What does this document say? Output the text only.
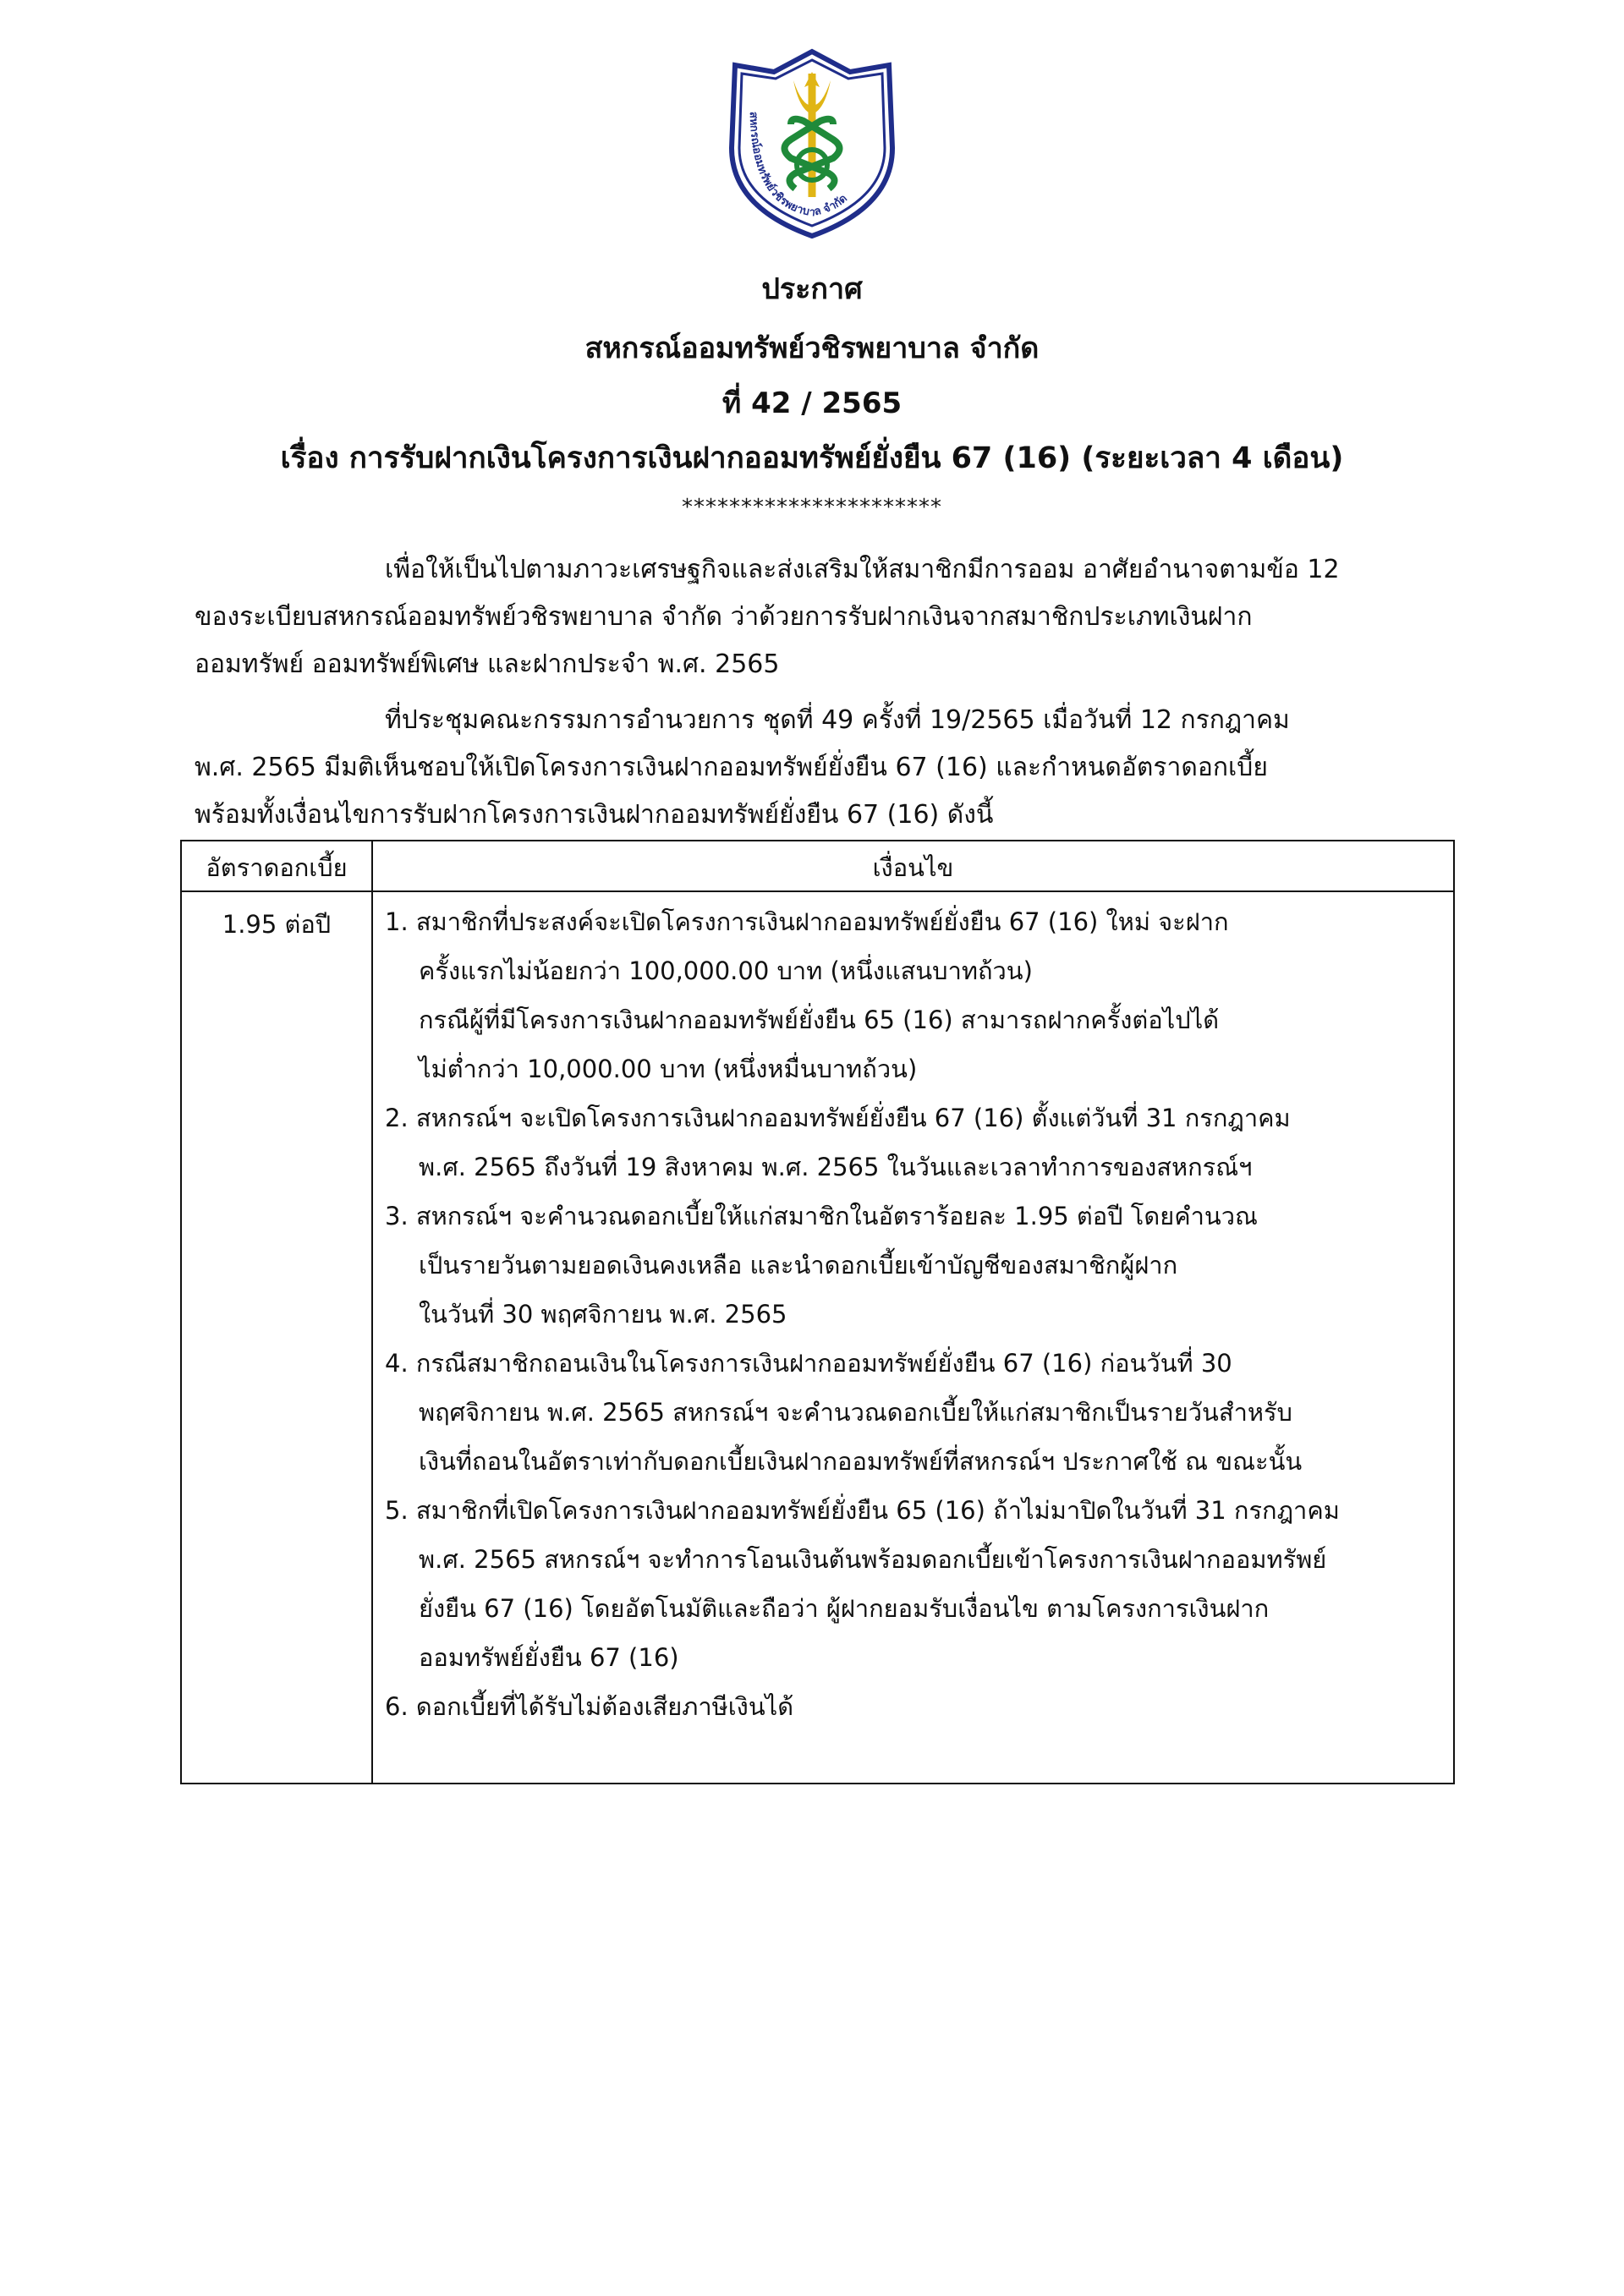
สหกรณ์ออมทรัพย์วชิรพยาบาล จำกัด
ประกาศ
สหกรณ์ออมทรัพย์วชิรพยาบาล จำกัด
ที่ 42 / 2565
เรื่อง การรับฝากเงินโครงการเงินฝากออมทรัพย์ยั่งยืน 67 (16) (ระยะเวลา 4 เดือน)
**********************
เพื่อให้เป็นไปตามภาวะเศรษฐกิจและส่งเสริมให้สมาชิกมีการออม อาศัยอำนาจตามข้อ 12
ของระเบียบสหกรณ์ออมทรัพย์วชิรพยาบาล จำกัด ว่าด้วยการรับฝากเงินจากสมาชิกประเภทเงินฝาก
ออมทรัพย์ ออมทรัพย์พิเศษ และฝากประจำ พ.ศ. 2565
ที่ประชุมคณะกรรมการอำนวยการ ชุดที่ 49 ครั้งที่ 19/2565 เมื่อวันที่ 12 กรกฎาคม
พ.ศ. 2565 มีมติเห็นชอบให้เปิดโครงการเงินฝากออมทรัพย์ยั่งยืน 67 (16) และกำหนดอัตราดอกเบี้ย
พร้อมทั้งเงื่อนไขการรับฝากโครงการเงินฝากออมทรัพย์ยั่งยืน 67 (16) ดังนี้
อัตราดอกเบี้ย	เงื่อนไข
1.95 ต่อปี	1. สมาชิกที่ประสงค์จะเปิดโครงการเงินฝากออมทรัพย์ยั่งยืน 67 (16) ใหม่ จะฝาก
ครั้งแรกไม่น้อยกว่า 100,000.00 บาท (หนึ่งแสนบาทถ้วน)
กรณีผู้ที่มีโครงการเงินฝากออมทรัพย์ยั่งยืน 65 (16) สามารถฝากครั้งต่อไปได้
ไม่ต่ำกว่า 10,000.00 บาท (หนึ่งหมื่นบาทถ้วน)
2. สหกรณ์ฯ จะเปิดโครงการเงินฝากออมทรัพย์ยั่งยืน 67 (16) ตั้งแต่วันที่ 31 กรกฎาคม
พ.ศ. 2565 ถึงวันที่ 19 สิงหาคม พ.ศ. 2565 ในวันและเวลาทำการของสหกรณ์ฯ
3. สหกรณ์ฯ จะคำนวณดอกเบี้ยให้แก่สมาชิกในอัตราร้อยละ 1.95 ต่อปี โดยคำนวณ
เป็นรายวันตามยอดเงินคงเหลือ และนำดอกเบี้ยเข้าบัญชีของสมาชิกผู้ฝาก
ในวันที่ 30 พฤศจิกายน พ.ศ. 2565
4. กรณีสมาชิกถอนเงินในโครงการเงินฝากออมทรัพย์ยั่งยืน 67 (16) ก่อนวันที่ 30
พฤศจิกายน พ.ศ. 2565 สหกรณ์ฯ จะคำนวณดอกเบี้ยให้แก่สมาชิกเป็นรายวันสำหรับ
เงินที่ถอนในอัตราเท่ากับดอกเบี้ยเงินฝากออมทรัพย์ที่สหกรณ์ฯ ประกาศใช้ ณ ขณะนั้น
5. สมาชิกที่เปิดโครงการเงินฝากออมทรัพย์ยั่งยืน 65 (16) ถ้าไม่มาปิดในวันที่ 31 กรกฎาคม
พ.ศ. 2565 สหกรณ์ฯ จะทำการโอนเงินต้นพร้อมดอกเบี้ยเข้าโครงการเงินฝากออมทรัพย์
ยั่งยืน 67 (16) โดยอัตโนมัติและถือว่า ผู้ฝากยอมรับเงื่อนไข ตามโครงการเงินฝาก
ออมทรัพย์ยั่งยืน 67 (16)
6. ดอกเบี้ยที่ได้รับไม่ต้องเสียภาษีเงินได้
